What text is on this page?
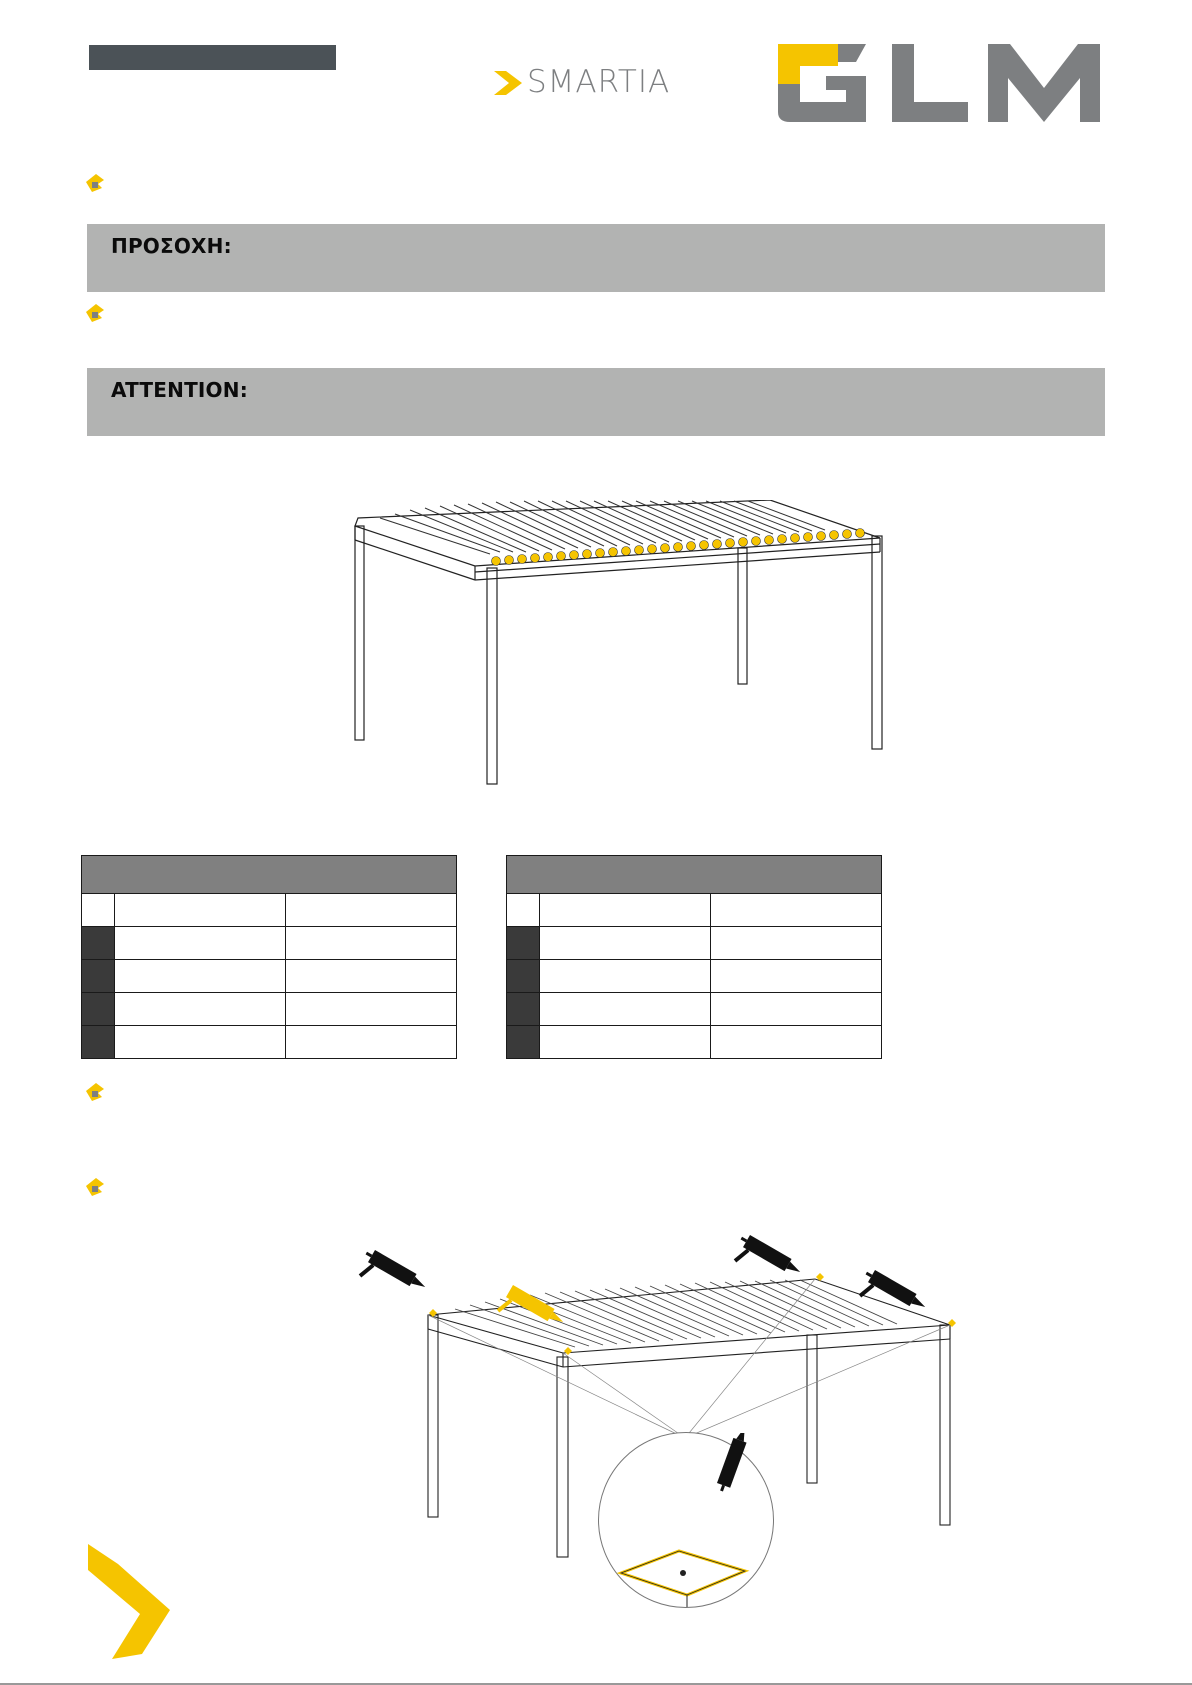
SMARTIA
ΠΡΟΣΟΧΗ:
ATTENTION:
